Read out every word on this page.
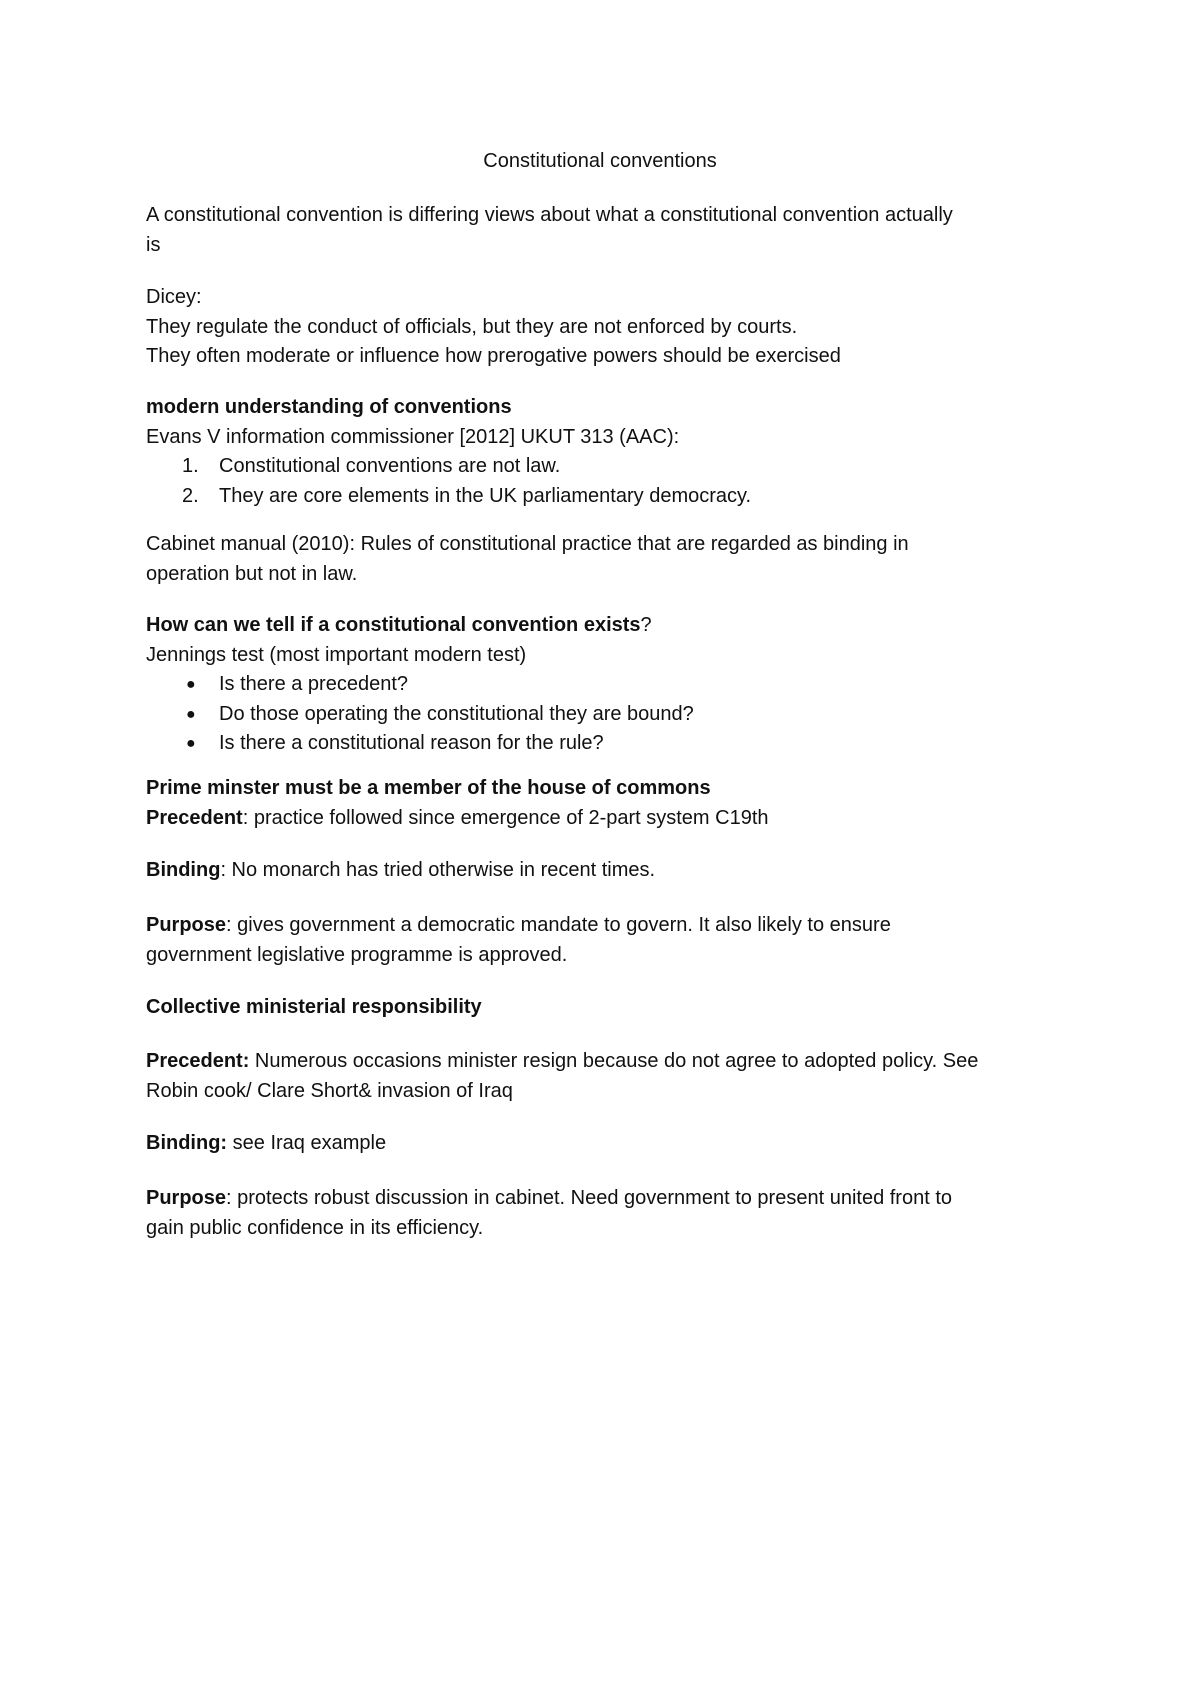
Constitutional conventions
A constitutional convention is differing views about what a constitutional convention actually
is
Dicey:
They regulate the conduct of officials, but they are not enforced by courts.
They often moderate or influence how prerogative powers should be exercised
modern understanding of conventions
Evans V information commissioner [2012] UKUT 313 (AAC):
1. Constitutional conventions are not law.
2. They are core elements in the UK parliamentary democracy.
Cabinet manual (2010): Rules of constitutional practice that are regarded as binding in
operation but not in law.
How can we tell if a constitutional convention exists?
Jennings test (most important modern test)
● Is there a precedent?
● Do those operating the constitutional they are bound?
● Is there a constitutional reason for the rule?
Prime minster must be a member of the house of commons
Precedent: practice followed since emergence of 2-part system C19th
Binding: No monarch has tried otherwise in recent times.
Purpose: gives government a democratic mandate to govern. It also likely to ensure
government legislative programme is approved.
Collective ministerial responsibility
Precedent: Numerous occasions minister resign because do not agree to adopted policy. See
Robin cook/ Clare Short& invasion of Iraq
Binding: see Iraq example
Purpose: protects robust discussion in cabinet. Need government to present united front to
gain public confidence in its efficiency.
